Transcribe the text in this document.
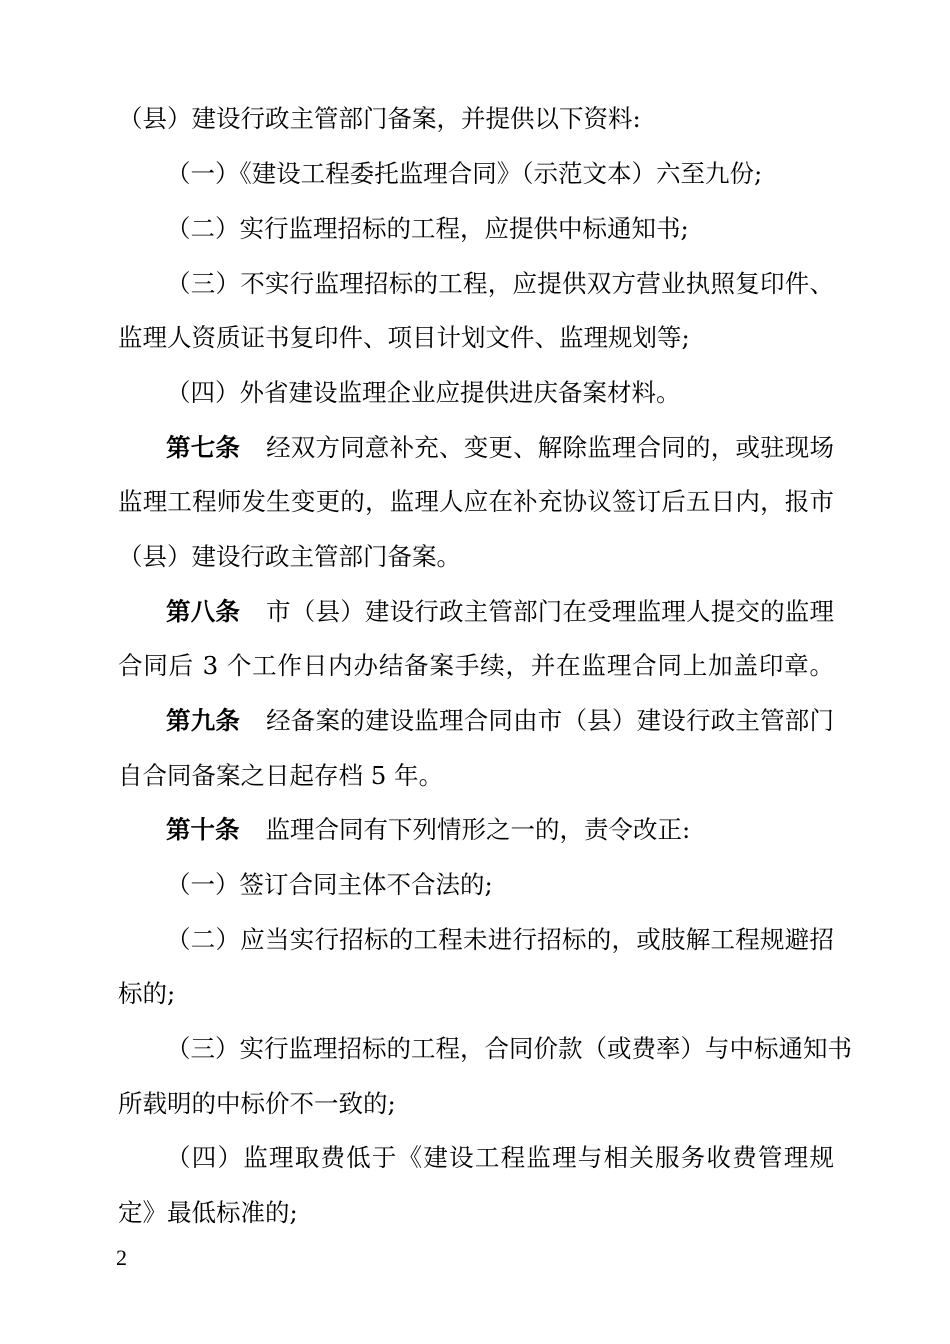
（县）建设行政主管部门备案，并提供以下资料:
（一）《建设工程委托监理合同》（示范文本）六至九份;
（二）实行监理招标的工程，应提供中标通知书;
（三）不实行监理招标的工程，应提供双方营业执照复印件、
监理人资质证书复印件、项目计划文件、监理规划等;
（四）外省建设监理企业应提供进庆备案材料。
第七条 经双方同意补充、变更、解除监理合同的，或驻现场
监理工程师发生变更的，监理人应在补充协议签订后五日内，报市
（县）建设行政主管部门备案。
第八条 市（县）建设行政主管部门在受理监理人提交的监理
合同后 3 个工作日内办结备案手续，并在监理合同上加盖印章。
第九条 经备案的建设监理合同由市（县）建设行政主管部门
自合同备案之日起存档 5 年。
第十条 监理合同有下列情形之一的，责令改正:
（一）签订合同主体不合法的;
（二）应当实行招标的工程未进行招标的，或肢解工程规避招
标的;
（三）实行监理招标的工程，合同价款（或费率）与中标通知书
所载明的中标价不一致的;
（四）监理取费低于《建设工程监理与相关服务收费管理规
定》最低标准的;
2
